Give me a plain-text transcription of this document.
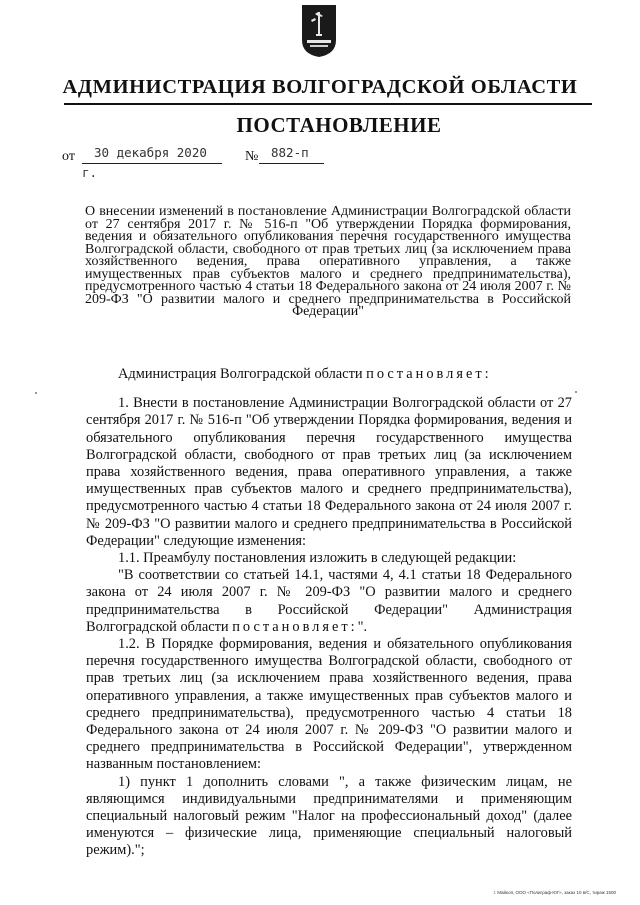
АДМИНИСТРАЦИЯ ВОЛГОГРАДСКОЙ ОБЛАСТИ
ПОСТАНОВЛЕНИЕ
от	30 декабря 2020 г.
№	882-п
О внесении изменений в постановление Администрации Волгоградской области от 27 сентября 2017 г. № 516-п "Об утверждении Порядка формирования, ведения и обязательного опубликования перечня государственного имущества Волгоградской области, свободного от прав третьих лиц (за исключением права хозяйственного ведения, права оперативного управления, а также имущественных прав субъектов малого и среднего предпринимательства), предусмотренного частью 4 статьи 18 Федерального закона от 24 июля 2007 г. № 209-ФЗ "О развитии малого и среднего предпринимательства в Российской Федерации"

Администрация Волгоградской области постановляет:

1. Внести в постановление Администрации Волгоградской области от 27 сентября 2017 г. № 516-п "Об утверждении Порядка формирования, ведения и обязательного опубликования перечня государственного имущества Волгоградской области, свободного от прав третьих лиц (за исключением права хозяйственного ведения, права оперативного управления, а также имущественных прав субъектов малого и среднего предпринимательства), предусмотренного частью 4 статьи 18 Федерального закона от 24 июля 2007 г. № 209-ФЗ "О развитии малого и среднего предпринимательства в Российской Федерации" следующие изменения:

1.1. Преамбулу постановления изложить в следующей редакции:

"В соответствии со статьей 14.1, частями 4, 4.1 статьи 18 Федерального закона от 24 июля 2007 г. № 209-ФЗ "О развитии малого и среднего предпринимательства в Российской Федерации" Администрация Волгоградской области постановляет:".

1.2. В Порядке формирования, ведения и обязательного опубликования перечня государственного имущества Волгоградской области, свободного от прав третьих лиц (за исключением права хозяйственного ведения, права оперативного управления, а также имущественных прав субъектов малого и среднего предпринимательства), предусмотренного частью 4 статьи 18 Федерального закона от 24 июля 2007 г. № 209-ФЗ "О развитии малого и среднего предпринимательства в Российской Федерации", утвержденном названным постановлением:

1) пункт 1 дополнить словами ", а также физическим лицам, не являющимся индивидуальными предпринимателями и применяющим специальный налоговый режим "Налог на профессиональный доход" (далее именуются – физические лица, применяющие специальный налоговый режим).";

г. Майкоп, ООО «Полиграф-ЮГ», заказ 10 в/С, тираж 1500
